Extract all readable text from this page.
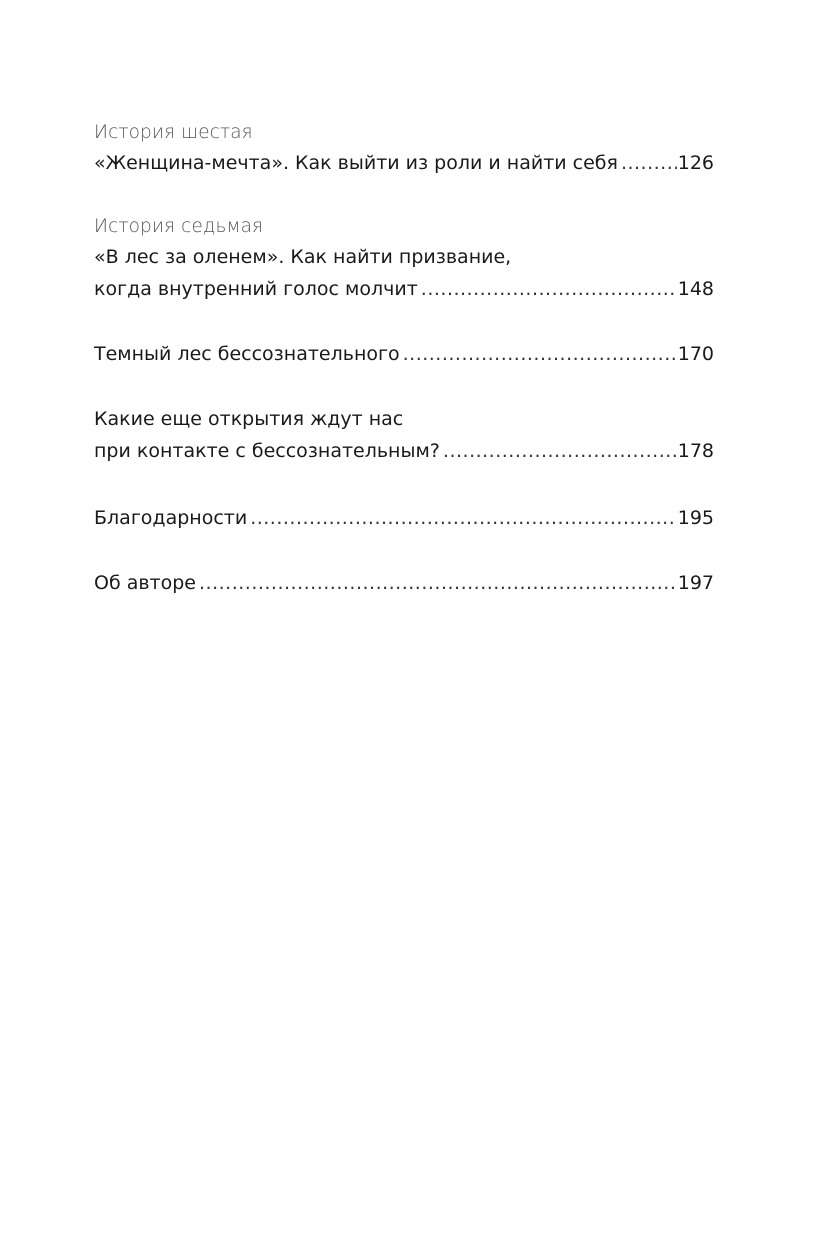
История шестая
«Женщина-мечта». Как выйти из роли и найти себя .....	126
История седьмая
«В лес за оленем». Как найти призвание,
когда внутренний голос молчит .....	148
Темный лес бессознательного .....	170
Какие еще открытия ждут нас
при контакте с бессознательным? .....	178
Благодарности .....	195
Об авторе .....	197
